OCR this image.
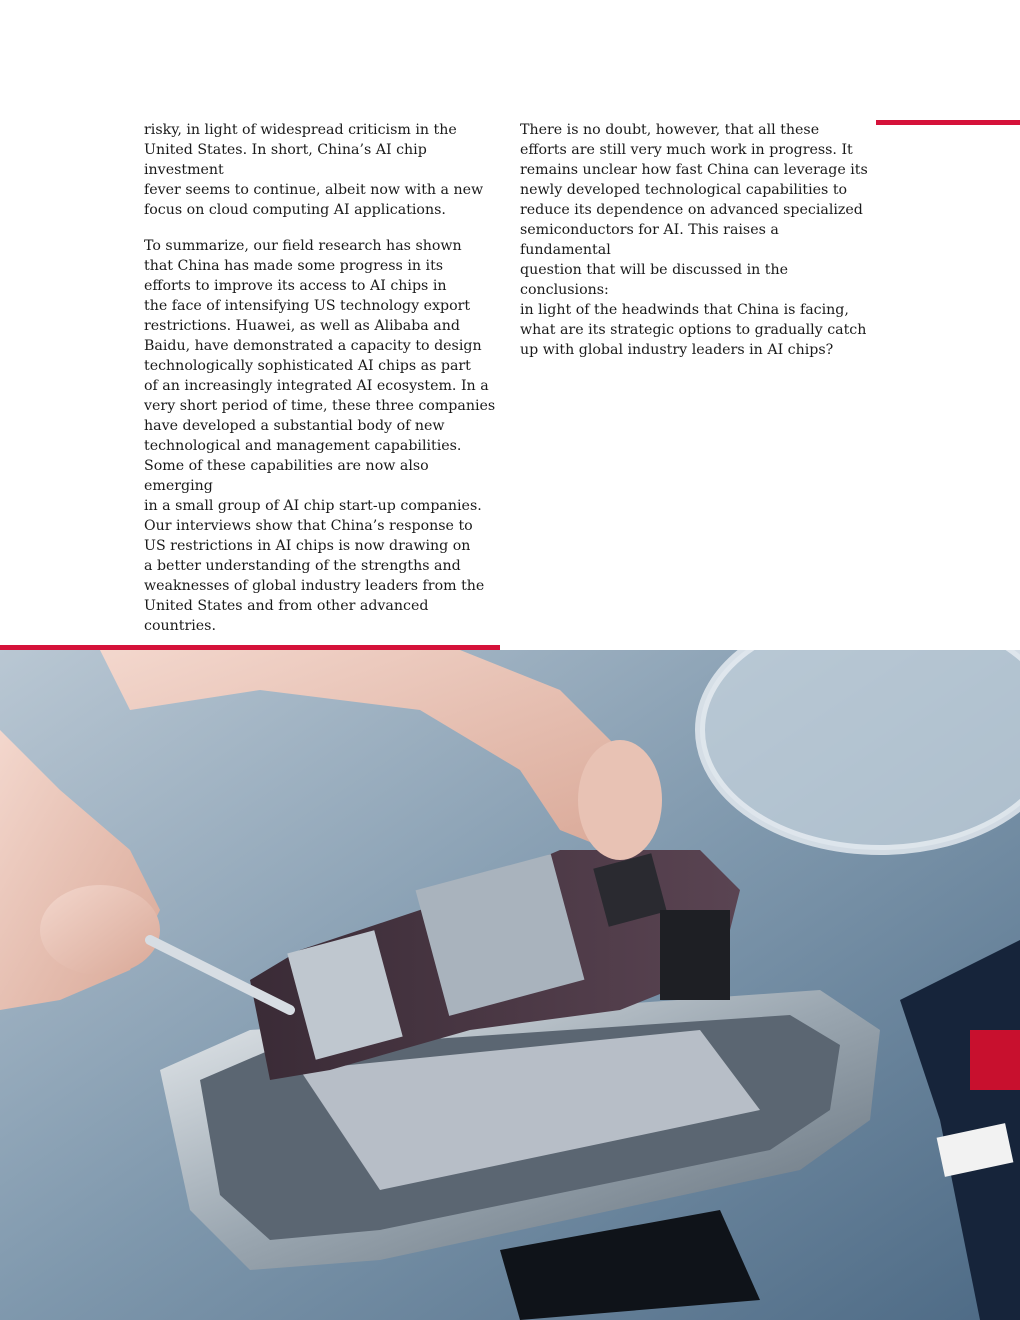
risky, in light of widespread criticism in the
United States. In short, China’s AI chip investment
fever seems to continue, albeit now with a new
focus on cloud computing AI applications.

To summarize, our field research has shown
that China has made some progress in its
efforts to improve its access to AI chips in
the face of intensifying US technology export
restrictions. Huawei, as well as Alibaba and
Baidu, have demonstrated a capacity to design
technologically sophisticated AI chips as part
of an increasingly integrated AI ecosystem. In a
very short period of time, these three companies
have developed a substantial body of new
technological and management capabilities.
Some of these capabilities are now also emerging
in a small group of AI chip start-up companies.
Our interviews show that China’s response to
US restrictions in AI chips is now drawing on
a better understanding of the strengths and
weaknesses of global industry leaders from the
United States and from other advanced countries.

There is no doubt, however, that all these
efforts are still very much work in progress. It
remains unclear how fast China can leverage its
newly developed technological capabilities to
reduce its dependence on advanced specialized
semiconductors for AI. This raises a fundamental
question that will be discussed in the conclusions:
in light of the headwinds that China is facing,
what are its strategic options to gradually catch
up with global industry leaders in AI chips?
